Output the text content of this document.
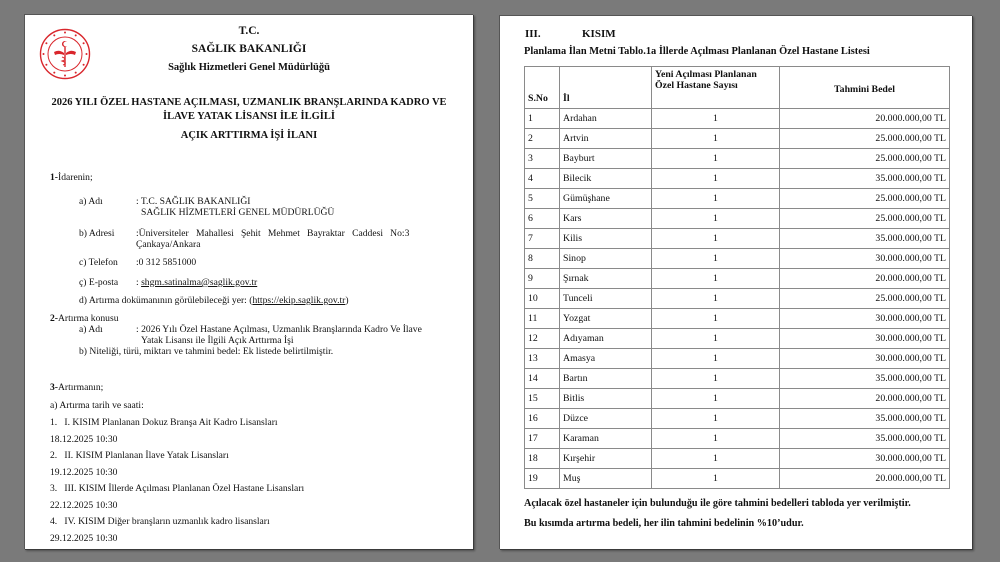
T.C.
SAĞLIK BAKANLIĞI
Sağlık Hizmetleri Genel Müdürlüğü
2026 YILI ÖZEL HASTANE AÇILMASI, UZMANLIK BRANŞLARINDA KADRO VE
İLAVE YATAK LİSANSI İLE İLGİLİ
AÇIK ARTTIRMA İŞİ İLANI
1-İdarenin;
a) Adı	: T.C. SAĞLIK BAKANLIĞI
SAĞLIK HİZMETLERİ GENEL MÜDÜRLÜĞÜ
b) Adresi :Üniversiteler   Mahallesi   Şehit   Mehmet   Bayraktar   Caddesi   No:3
Çankaya/Ankara
c) Telefon :0 312 5851000
ç) E-posta : shgm.satinalma@saglik.gov.tr
d) Artırma dokümanının görülebileceği yer: (https://ekip.saglik.gov.tr)
2-Artırma konusu
a) Adı	: 2026 Yılı Özel Hastane Açılması, Uzmanlık Branşlarında Kadro Ve İlave
Yatak Lisansı ile İlgili Açık Arttırma İşi
b) Niteliği, türü, miktarı ve tahmini bedel: Ek listede belirtilmiştir.
3-Artırmanın;
a) Artırma tarih ve saati:
1. I. KISIM Planlanan Dokuz Branşa Ait Kadro Lisansları
18.12.2025 10:30
2. II. KISIM Planlanan İlave Yatak Lisansları
19.12.2025 10:30
3. III. KISIM İllerde Açılması Planlanan Özel Hastane Lisansları
22.12.2025 10:30
4. IV. KISIM Diğer branşların uzmanlık kadro lisansları
29.12.2025 10:30
III.	KISIM
Planlama İlan Metni Tablo.1a İllerde Açılması Planlanan Özel Hastane Listesi
S.No	İl	Yeni Açılması Planlanan Özel Hastane Sayısı	Tahmini Bedel
1	Ardahan	1	20.000.000,00 TL
2	Artvin	1	25.000.000,00 TL
3	Bayburt	1	25.000.000,00 TL
4	Bilecik	1	35.000.000,00 TL
5	Gümüşhane	1	25.000.000,00 TL
6	Kars	1	25.000.000,00 TL
7	Kilis	1	35.000.000,00 TL
8	Sinop	1	30.000.000,00 TL
9	Şırnak	1	20.000.000,00 TL
10	Tunceli	1	25.000.000,00 TL
11	Yozgat	1	30.000.000,00 TL
12	Adıyaman	1	30.000.000,00 TL
13	Amasya	1	30.000.000,00 TL
14	Bartın	1	35.000.000,00 TL
15	Bitlis	1	20.000.000,00 TL
16	Düzce	1	35.000.000,00 TL
17	Karaman	1	35.000.000,00 TL
18	Kırşehir	1	30.000.000,00 TL
19	Muş	1	20.000.000,00 TL
Açılacak özel hastaneler için bulunduğu ile göre tahmini bedelleri tabloda yer verilmiştir.
Bu kısımda artırma bedeli, her ilin tahmini bedelinin %10’udur.
